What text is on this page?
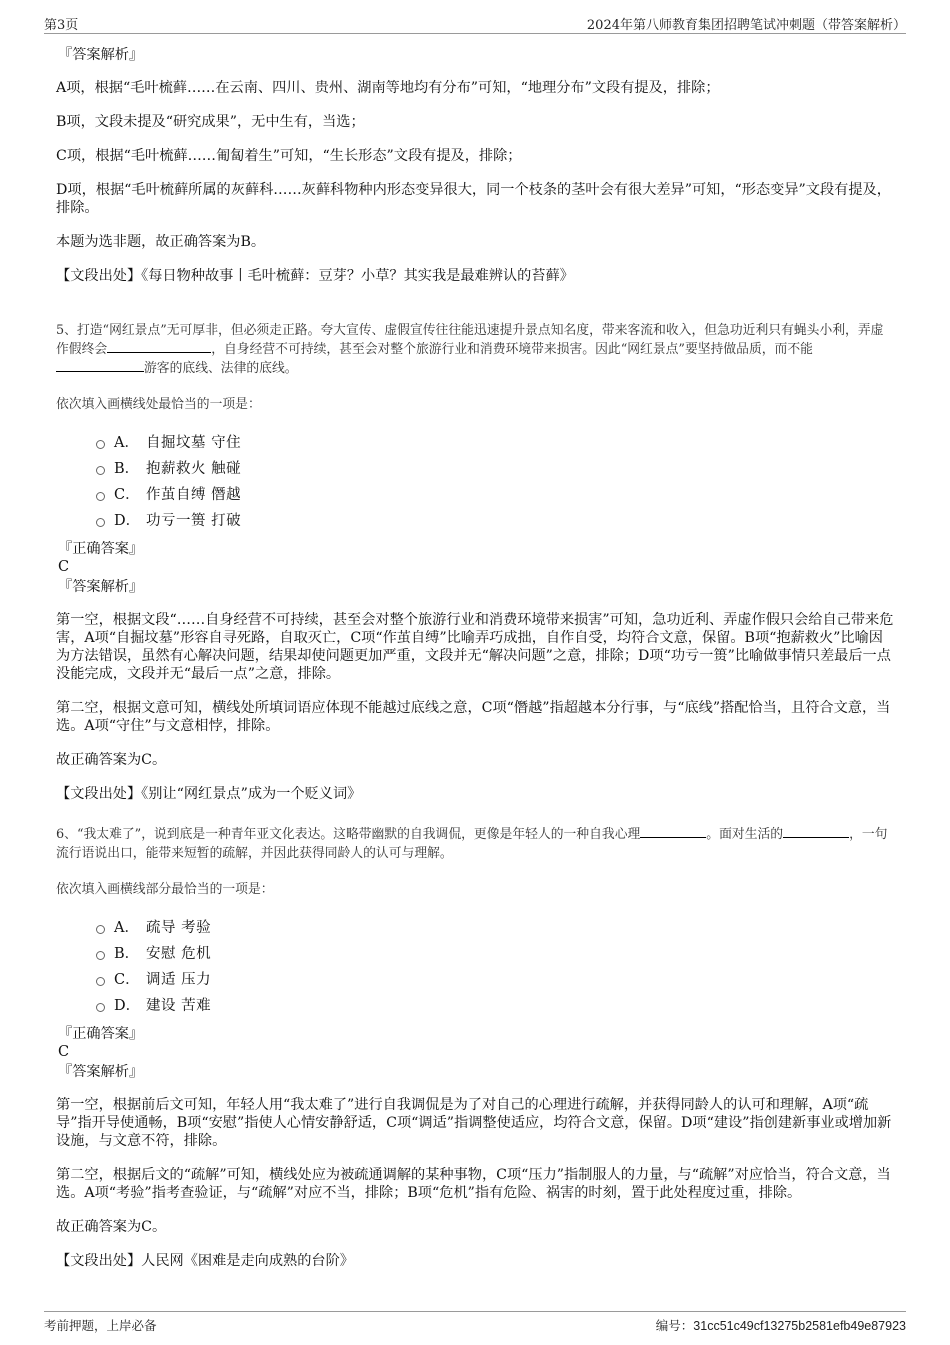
第3页	2024年第八师教育集团招聘笔试冲刺题（带答案解析）
『答案解析』
A项，根据“毛叶梳藓……在云南、四川、贵州、湖南等地均有分布”可知，“地理分布”文段有提及，排除；
B项，文段未提及“研究成果”，无中生有，当选；
C项，根据“毛叶梳藓……匍匐着生”可知，“生长形态”文段有提及，排除；
D项，根据“毛叶梳藓所属的灰藓科……灰藓科物种内形态变异很大，同一个枝条的茎叶会有很大差异”可知，“形态变异”文段有提及，排除。
本题为选非题，故正确答案为B。
【文段出处】《每日物种故事丨毛叶梳藓：豆芽？小草？其实我是最难辨认的苔藓》
5、打造“网红景点”无可厚非，但必须走正路。夸大宣传、虚假宣传往往能迅速提升景点知名度，带来客流和收入，但急功近利只有蝇头小利，弄虚作假终会	，自身经营不可持续，甚至会对整个旅游行业和消费环境带来损害。因此“网红景点”要坚持做品质，而不能游客的底线、法律的底线。
依次填入画横线处最恰当的一项是：
A． 自掘坟墓 守住
B． 抱薪救火 触碰
C． 作茧自缚 僭越
D． 功亏一篑 打破
『正确答案』
C
『答案解析』
第一空，根据文段“……自身经营不可持续，甚至会对整个旅游行业和消费环境带来损害”可知，急功近利、弄虚作假只会给自己带来危害，A项“自掘坟墓”形容自寻死路，自取灭亡，C项“作茧自缚”比喻弄巧成拙，自作自受，均符合文意，保留。B项“抱薪救火”比喻因为方法错误，虽然有心解决问题，结果却使问题更加严重，文段并无“解决问题”之意，排除；D项“功亏一篑”比喻做事情只差最后一点没能完成，文段并无“最后一点”之意，排除。
第二空，根据文意可知，横线处所填词语应体现不能越过底线之意，C项“僭越”指超越本分行事，与“底线”搭配恰当，且符合文意，当选。A项“守住”与文意相悖，排除。
故正确答案为C。
【文段出处】《别让“网红景点”成为一个贬义词》
6、“我太难了”，说到底是一种青年亚文化表达。这略带幽默的自我调侃，更像是年轻人的一种自我心理	。面对生活的	，一句流行语说出口，能带来短暂的疏解，并因此获得同龄人的认可与理解。
依次填入画横线部分最恰当的一项是：
A． 疏导 考验
B． 安慰 危机
C． 调适 压力
D． 建设 苦难
『正确答案』
C
『答案解析』
第一空，根据前后文可知，年轻人用“我太难了”进行自我调侃是为了对自己的心理进行疏解，并获得同龄人的认可和理解，A项“疏导”指开导使通畅，B项“安慰”指使人心情安静舒适，C项“调适”指调整使适应，均符合文意，保留。D项“建设”指创建新事业或增加新设施，与文意不符，排除。
第二空，根据后文的“疏解”可知，横线处应为被疏通调解的某种事物，C项“压力”指制服人的力量，与“疏解”对应恰当，符合文意，当选。A项“考验”指考查验证，与“疏解”对应不当，排除；B项“危机”指有危险、祸害的时刻，置于此处程度过重，排除。
故正确答案为C。
【文段出处】人民网《困难是走向成熟的台阶》
考前押题，上岸必备	编号：31cc51c49cf13275b2581efb49e87923
